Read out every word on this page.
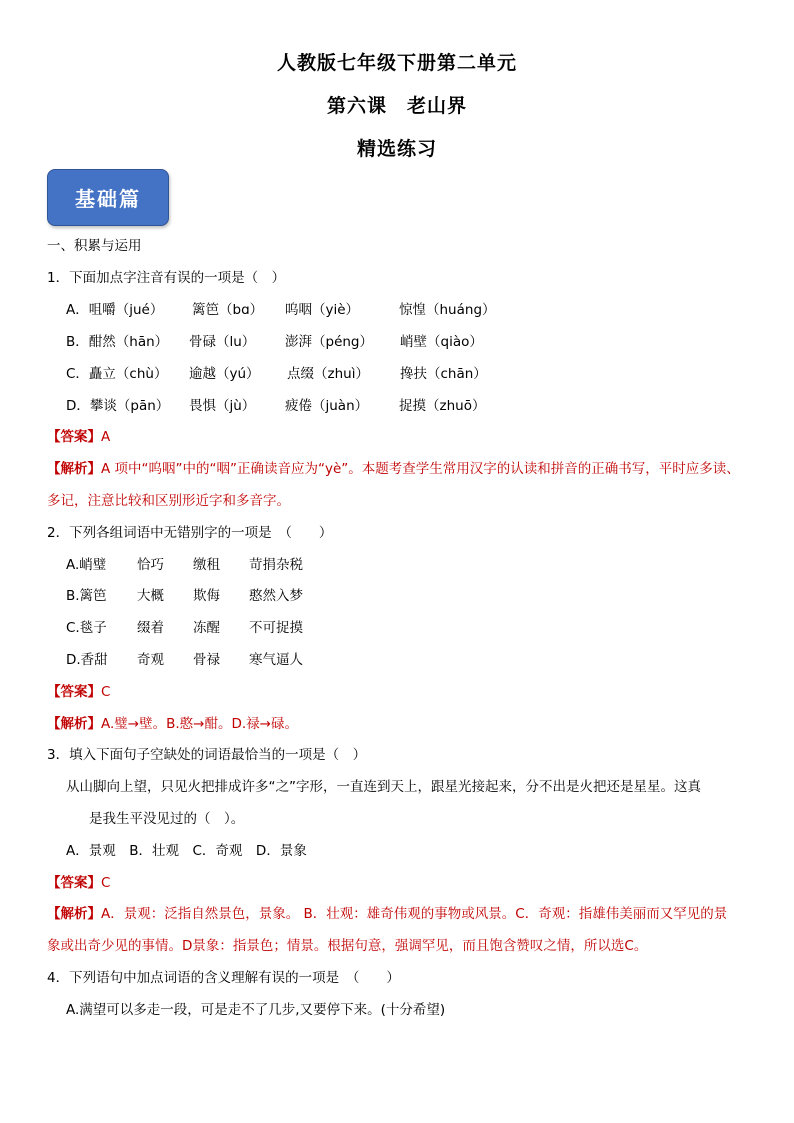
人教版七年级下册第二单元
第六课　老山界
精选练习
基础篇
一、积累与运用
1．下面加点字注音有误的一项是（　）
A．咀嚼（jué） 篱笆（bɑ） 呜咽（yiè）	惊惶（huáng）
B．酣然（hān） 骨碌（lu） 澎湃（péng） 峭壁（qiào）
C．矗立（chù） 逾越（yú） 点缀（zhuì） 搀扶（chān）
D．攀谈（pān） 畏惧（jù） 疲倦（juàn） 捉摸（zhuō）
【答案】A
【解析】A 项中“呜咽”中的“咽”正确读音应为“yè”。本题考查学生常用汉字的认读和拼音的正确书写，平时应多读、
多记，注意比较和区别形近字和多音字。
2．下列各组词语中无错别字的一项是　（　　）
A.峭璧 恰巧 缴租 苛捐杂税
B.篱笆 大概 欺侮 憨然入梦
C.毯子 缀着 冻醒 不可捉摸
D.香甜 奇观 骨禄 寒气逼人
【答案】C
【解析】A.璧→壁。B.憨→酣。D.禄→碌。
3．填入下面句子空缺处的词语最恰当的一项是（　）
从山脚向上望，只见火把排成许多“之”字形，一直连到天上，跟星光接起来，分不出是火把还是星星。这真
是我生平没见过的（　）。
A．景观　B．壮观　C．奇观　D．景象
【答案】C
【解析】A．景观：泛指自然景色，景象。 B．壮观：雄奇伟观的事物或风景。C．奇观：指雄伟美丽而又罕见的景
象或出奇少见的事情。D景象：指景色；情景。根据句意，强调罕见，而且饱含赞叹之情，所以选C。
4．下列语句中加点词语的含义理解有误的一项是　（　　）
A.满望可以多走一段，可是走不了几步,又要停下来。(十分希望)
